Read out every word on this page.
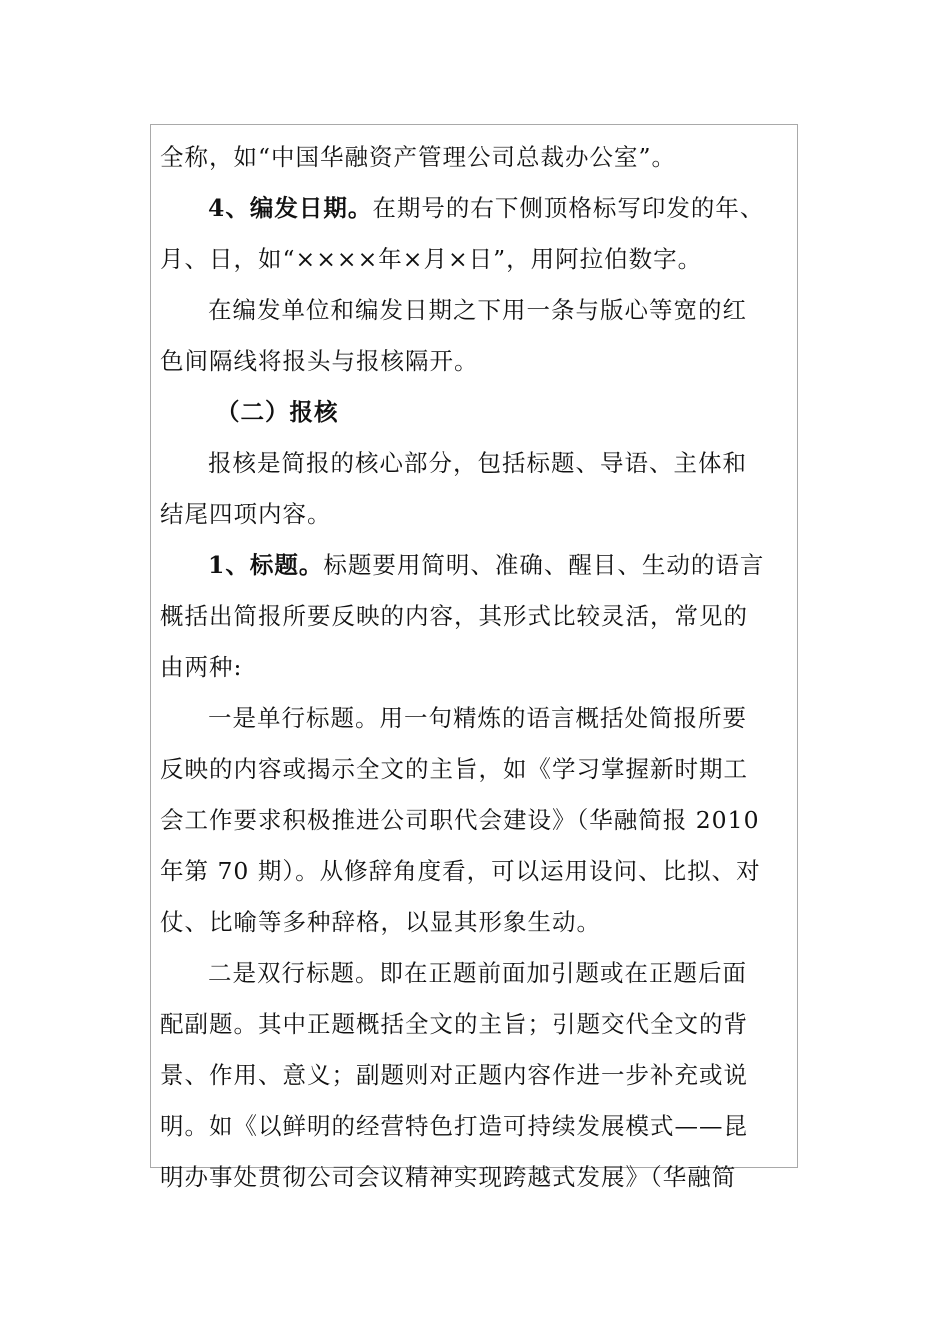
全称，如“中国华融资产管理公司总裁办公室”。
4、编发日期。在期号的右下侧顶格标写印发的年、
月、日，如“××××年×月×日”，用阿拉伯数字。
在编发单位和编发日期之下用一条与版心等宽的红
色间隔线将报头与报核隔开。
（二）报核
报核是简报的核心部分，包括标题、导语、主体和
结尾四项内容。
1、标题。标题要用简明、准确、醒目、生动的语言
概括出简报所要反映的内容，其形式比较灵活，常见的
由两种:
一是单行标题。用一句精炼的语言概括处简报所要
反映的内容或揭示全文的主旨，如《学习掌握新时期工
会工作要求积极推进公司职代会建设》（华融简报 2010
年第 70 期）。从修辞角度看，可以运用设问、比拟、对
仗、比喻等多种辞格，以显其形象生动。
二是双行标题。即在正题前面加引题或在正题后面
配副题。其中正题概括全文的主旨；引题交代全文的背
景、作用、意义；副题则对正题内容作进一步补充或说
明。如《以鲜明的经营特色打造可持续发展模式——昆
明办事处贯彻公司会议精神实现跨越式发展》（华融简
